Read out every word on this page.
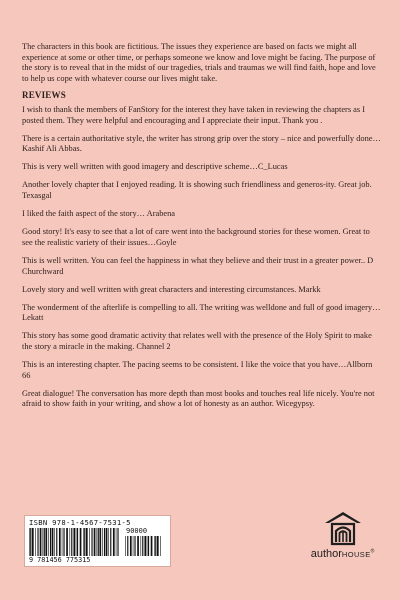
The characters in this book are fictitious. The issues they experience are based on facts we might all experience at some or other time, or perhaps someone we know and love might be facing. The purpose of the story is to reveal that in the midst of our tragedies, trials and traumas we will find faith, hope and love to help us cope with whatever course our lives might take.

REVIEWS

I wish to thank the members of FanStory for the interest they have taken in reviewing the chapters as I posted them. They were helpful and encouraging and I appreciate their input. Thank you .

There is a certain authoritative style, the writer has strong grip over the story – nice and powerfully done…Kashif Ali Abbas.

This is very well written with good imagery and descriptive scheme…C_Lucas

Another lovely chapter that I enjoyed reading. It is showing such friendliness and generos-ity. Great job. Texasgal

I liked the faith aspect of the story… Arabena

Good story! It's easy to see that a lot of care went into the background stories for these women. Great to see the realistic variety of their issues…Goyle

This is well written. You can feel the happiness in what they believe and their trust in a greater power.. D Churchward

Lovely story and well written with great characters and interesting circumstances. Markk

The wonderment of the afterlife is compelling to all. The writing was welldone and full of good imagery… Lekatt

This story has some good dramatic activity that relates well with the presence of the Holy Spirit to make the story a miracle in the making. Channel 2

This is an interesting chapter. The pacing seems to be consistent. I like the voice that you have…Allborn 66

Great dialogue! The conversation has more depth than most books and touches real life nicely. You're not afraid to show faith in your writing, and show a lot of honesty as an author. Wicegypsy.

ISBN 978-1-4567-7531-5
90000
9 781456 775315	authorHOUSE®
